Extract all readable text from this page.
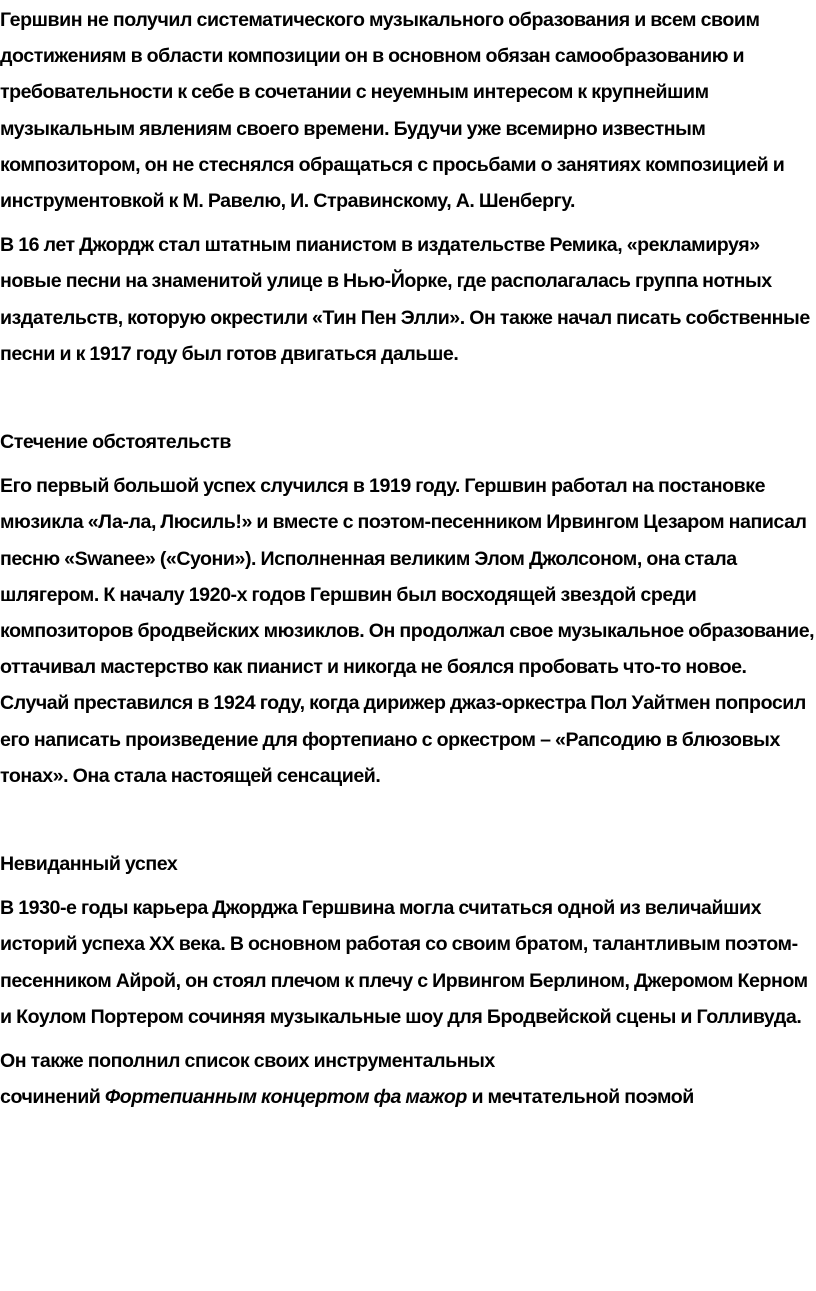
Гершвин не получил систематического музыкального образования и всем своим достижениям в области композиции он в основном обязан самообразованию и требовательности к себе в сочетании с неуемным интересом к крупнейшим музыкальным явлениям своего времени. Будучи уже всемирно известным композитором, он не стеснялся обращаться с просьбами о занятиях композицией и инструментовкой к М. Равелю, И. Стравинскому, А. Шенбергу.

В 16 лет Джордж стал штатным пианистом в издательстве Ремика, «рекламируя» новые песни на знаменитой улице в Нью-Йорке, где располагалась группа нотных издательств, которую окрестили «Тин Пен Элли». Он также начал писать собственные песни и к 1917 году был готов двигаться дальше.

Стечение обстоятельств

Его первый большой успех случился в 1919 году. Гершвин работал на постановке мюзикла «Ла-ла, Люсиль!» и вместе с поэтом-песенником Ирвингом Цезаром написал песню «Swanee» («Суони»). Исполненная великим Элом Джолсоном, она стала шлягером. К началу 1920-х годов Гершвин был восходящей звездой среди композиторов бродвейских мюзиклов. Он продолжал свое музыкальное образование, оттачивал мастерство как пианист и никогда не боялся пробовать что-то новое. Случай преставился в 1924 году, когда дирижер джаз-оркестра Пол Уайтмен попросил его написать произведение для фортепиано с оркестром – «Рапсодию в блюзовых тонах». Она стала настоящей сенсацией.

Невиданный успех

В 1930-е годы карьера Джорджа Гершвина могла считаться одной из величайших историй успеха XX века. В основном работая со своим братом, талантливым поэтом-песенником Айрой, он стоял плечом к плечу с Ирвингом Берлином, Джеромом Керном и Коулом Портером сочиняя музыкальные шоу для Бродвейской сцены и Голливуда.

Он также пополнил список своих инструментальных
сочинений Фортепианным концертом фа мажор и мечтательной поэмой
